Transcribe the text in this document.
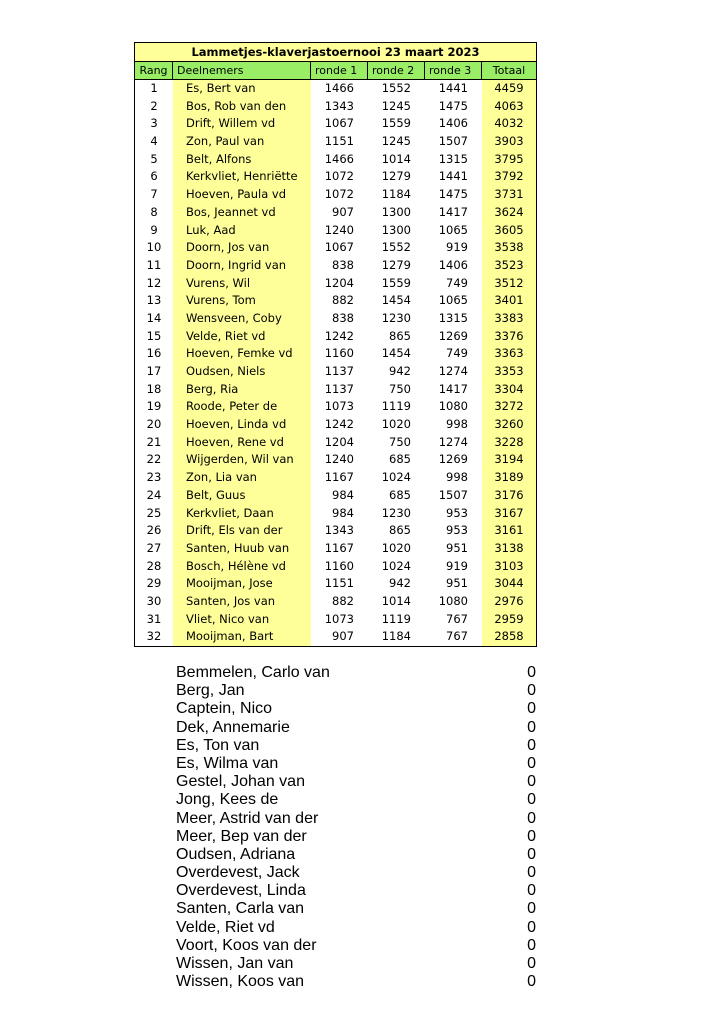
Lammetjes-klaverjastoernooi 23 maart 2023
Rang Deelnemers	ronde 1	ronde 2	ronde 3	Totaal
1	Es, Bert van	1466	1552	1441	4459
2	Bos, Rob van den	1343	1245	1475	4063
3	Drift, Willem vd	1067	1559	1406	4032
4	Zon, Paul van	1151	1245	1507	3903
5	Belt, Alfons	1466	1014	1315	3795
6	Kerkvliet, Henriëtte	1072	1279	1441	3792
7	Hoeven, Paula vd	1072	1184	1475	3731
8	Bos, Jeannet vd	907	1300	1417	3624
9	Luk, Aad	1240	1300	1065	3605
10	Doorn, Jos van	1067	1552	919	3538
11	Doorn, Ingrid van	838	1279	1406	3523
12	Vurens, Wil	1204	1559	749	3512
13	Vurens, Tom	882	1454	1065	3401
14	Wensveen, Coby	838	1230	1315	3383
15	Velde, Riet vd	1242	865	1269	3376
16	Hoeven, Femke vd	1160	1454	749	3363
17	Oudsen, Niels	1137	942	1274	3353
18	Berg, Ria	1137	750	1417	3304
19	Roode, Peter de	1073	1119	1080	3272
20	Hoeven, Linda vd	1242	1020	998	3260
21	Hoeven, Rene vd	1204	750	1274	3228
22	Wijgerden, Wil van	1240	685	1269	3194
23	Zon, Lia van	1167	1024	998	3189
24	Belt, Guus	984	685	1507	3176
25	Kerkvliet, Daan	984	1230	953	3167
26	Drift, Els van der	1343	865	953	3161
27	Santen, Huub van	1167	1020	951	3138
28	Bosch, Hélène vd	1160	1024	919	3103
29	Mooijman, Jose	1151	942	951	3044
30	Santen, Jos van	882	1014	1080	2976
31	Vliet, Nico van	1073	1119	767	2959
32	Mooijman, Bart	907	1184	767	2858
Bemmelen, Carlo van	0
Berg, Jan	0
Captein, Nico	0
Dek, Annemarie	0
Es, Ton van	0
Es, Wilma van	0
Gestel, Johan van	0
Jong, Kees de	0
Meer, Astrid van der	0
Meer, Bep van der	0
Oudsen, Adriana	0
Overdevest, Jack	0
Overdevest, Linda	0
Santen, Carla van	0
Velde, Riet vd	0
Voort, Koos van der	0
Wissen, Jan van	0
Wissen, Koos van	0
